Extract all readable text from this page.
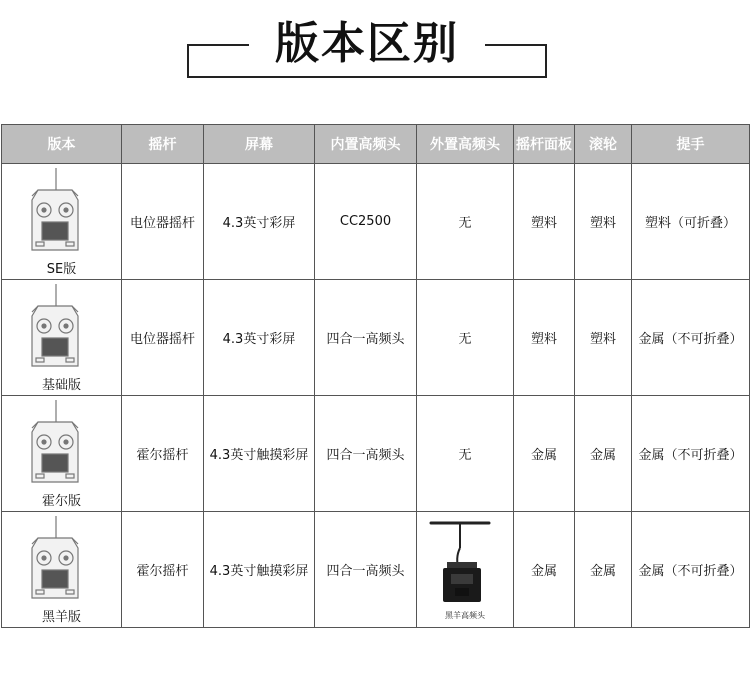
版本区别
版本	摇杆	屏幕	内置高频头	外置高频头	摇杆面板	滚轮	提手

SE版	电位器摇杆	4.3英寸彩屏	CC2500	无	塑料	塑料	塑料（可折叠）

基础版	电位器摇杆	4.3英寸彩屏	四合一高频头	无	塑料	塑料	金属（不可折叠）

霍尔版	霍尔摇杆	4.3英寸触摸彩屏	四合一高频头	无	金属	金属	金属（不可折叠）

黑羊版	霍尔摇杆	4.3英寸触摸彩屏	四合一高频头	黑羊高频头	金属	金属	金属（不可折叠）
